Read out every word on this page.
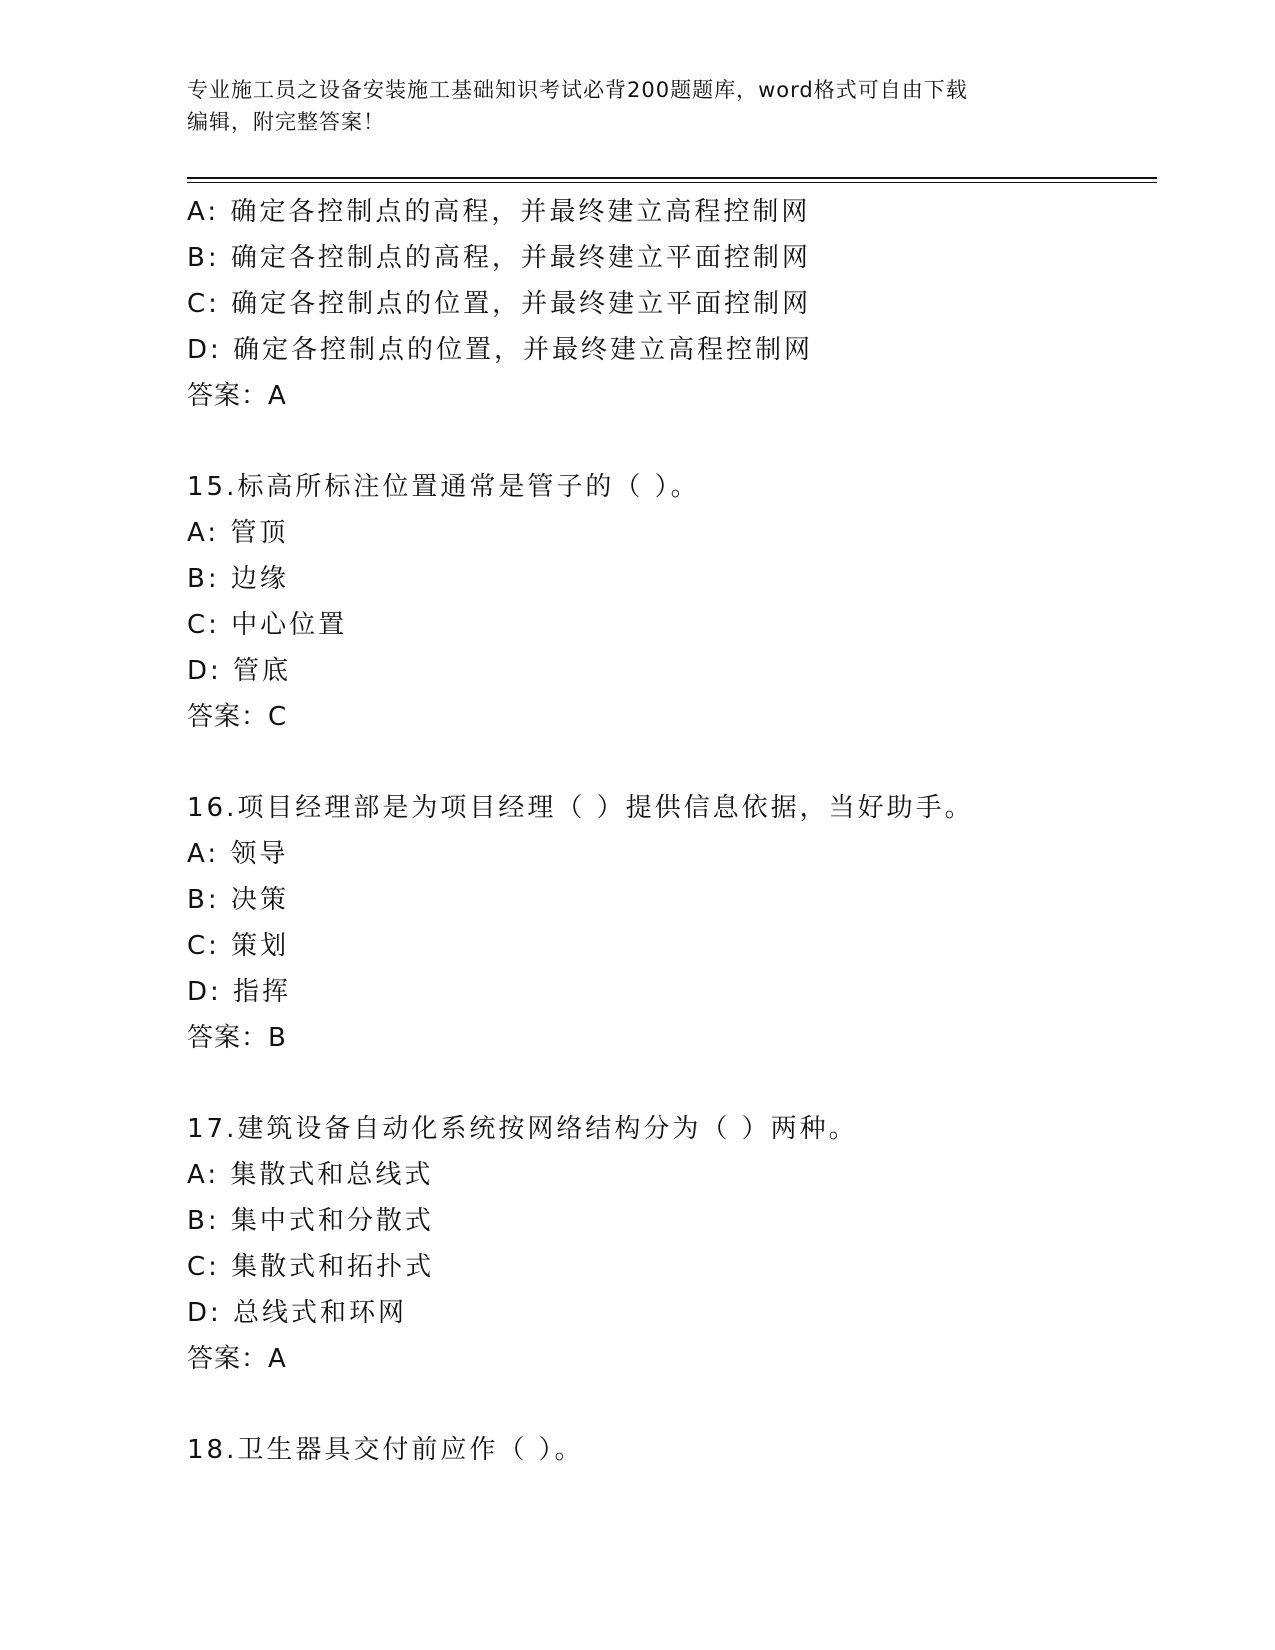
专业施工员之设备安装施工基础知识考试必背200题题库，word格式可自由下载
编辑，附完整答案！
A: 确定各控制点的高程，并最终建立高程控制网
B: 确定各控制点的高程，并最终建立平面控制网
C: 确定各控制点的位置，并最终建立平面控制网
D: 确定各控制点的位置，并最终建立高程控制网
答案：A
15.标高所标注位置通常是管子的（ ）。
A: 管顶
B: 边缘
C: 中心位置
D: 管底
答案：C
16.项目经理部是为项目经理（ ）提供信息依据，当好助手。
A: 领导
B: 决策
C: 策划
D: 指挥
答案：B
17.建筑设备自动化系统按网络结构分为（ ）两种。
A: 集散式和总线式
B: 集中式和分散式
C: 集散式和拓扑式
D: 总线式和环网
答案：A
18.卫生器具交付前应作（ ）。
